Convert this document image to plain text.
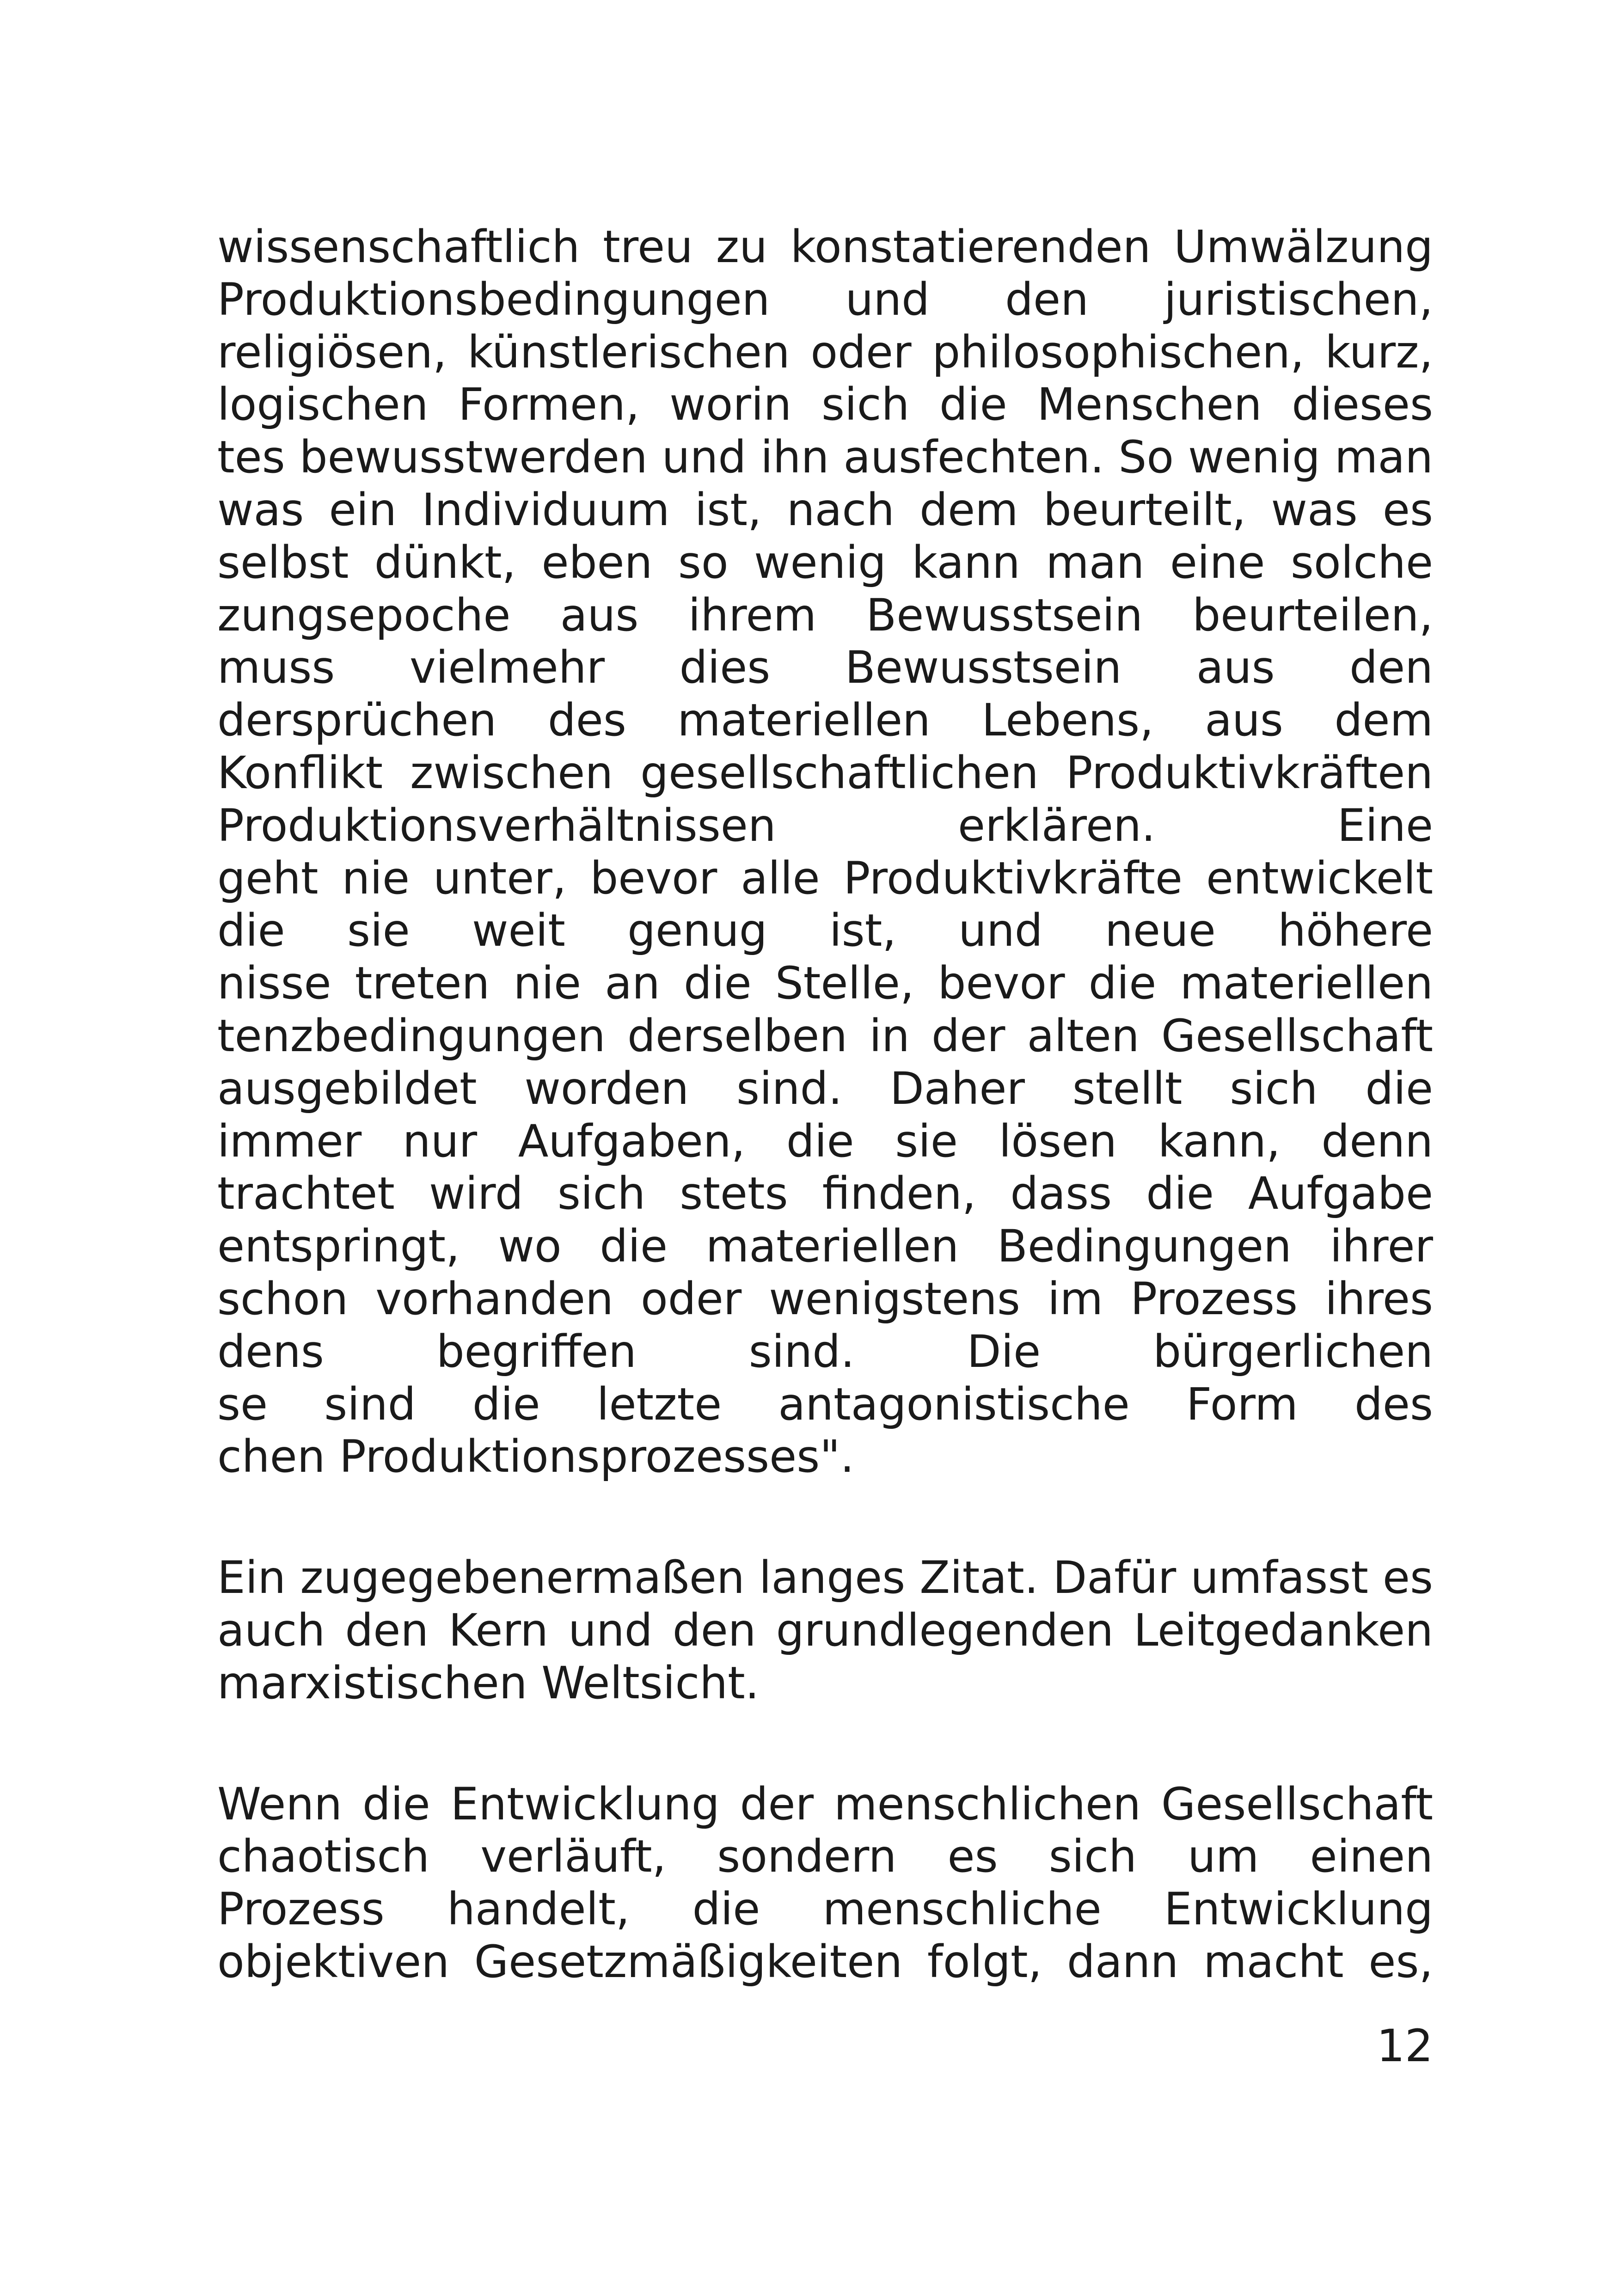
wissenschaftlich treu zu konstatierenden Umwälzung
Produktionsbedingungen und den juristischen,
religiösen, künstlerischen oder philosophischen, kurz,
logischen Formen, worin sich die Menschen dieses
tes bewusstwerden und ihn ausfechten. So wenig man
was ein Individuum ist, nach dem beurteilt, was es
selbst dünkt, eben so wenig kann man eine solche
zungsepoche aus ihrem Bewusstsein beurteilen,
muss vielmehr dies Bewusstsein aus den
dersprüchen des materiellen Lebens, aus dem
Konflikt zwischen gesellschaftlichen Produktivkräften
Produktionsverhältnissen erklären. Eine
geht nie unter, bevor alle Produktivkräfte entwickelt
die sie weit genug ist, und neue höhere
nisse treten nie an die Stelle, bevor die materiellen
tenzbedingungen derselben in der alten Gesellschaft
ausgebildet worden sind. Daher stellt sich die
immer nur Aufgaben, die sie lösen kann, denn
trachtet wird sich stets finden, dass die Aufgabe
entspringt, wo die materiellen Bedingungen ihrer
schon vorhanden oder wenigstens im Prozess ihres
dens begriffen sind. Die bürgerlichen
se sind die letzte antagonistische Form des
chen Produktionsprozesses".
Ein zugegebenermaßen langes Zitat. Dafür umfasst es
auch den Kern und den grundlegenden Leitgedanken
marxistischen Weltsicht.
Wenn die Entwicklung der menschlichen Gesellschaft
chaotisch verläuft, sondern es sich um einen
Prozess handelt, die menschliche Entwicklung
objektiven Gesetzmäßigkeiten folgt, dann macht es,
12
